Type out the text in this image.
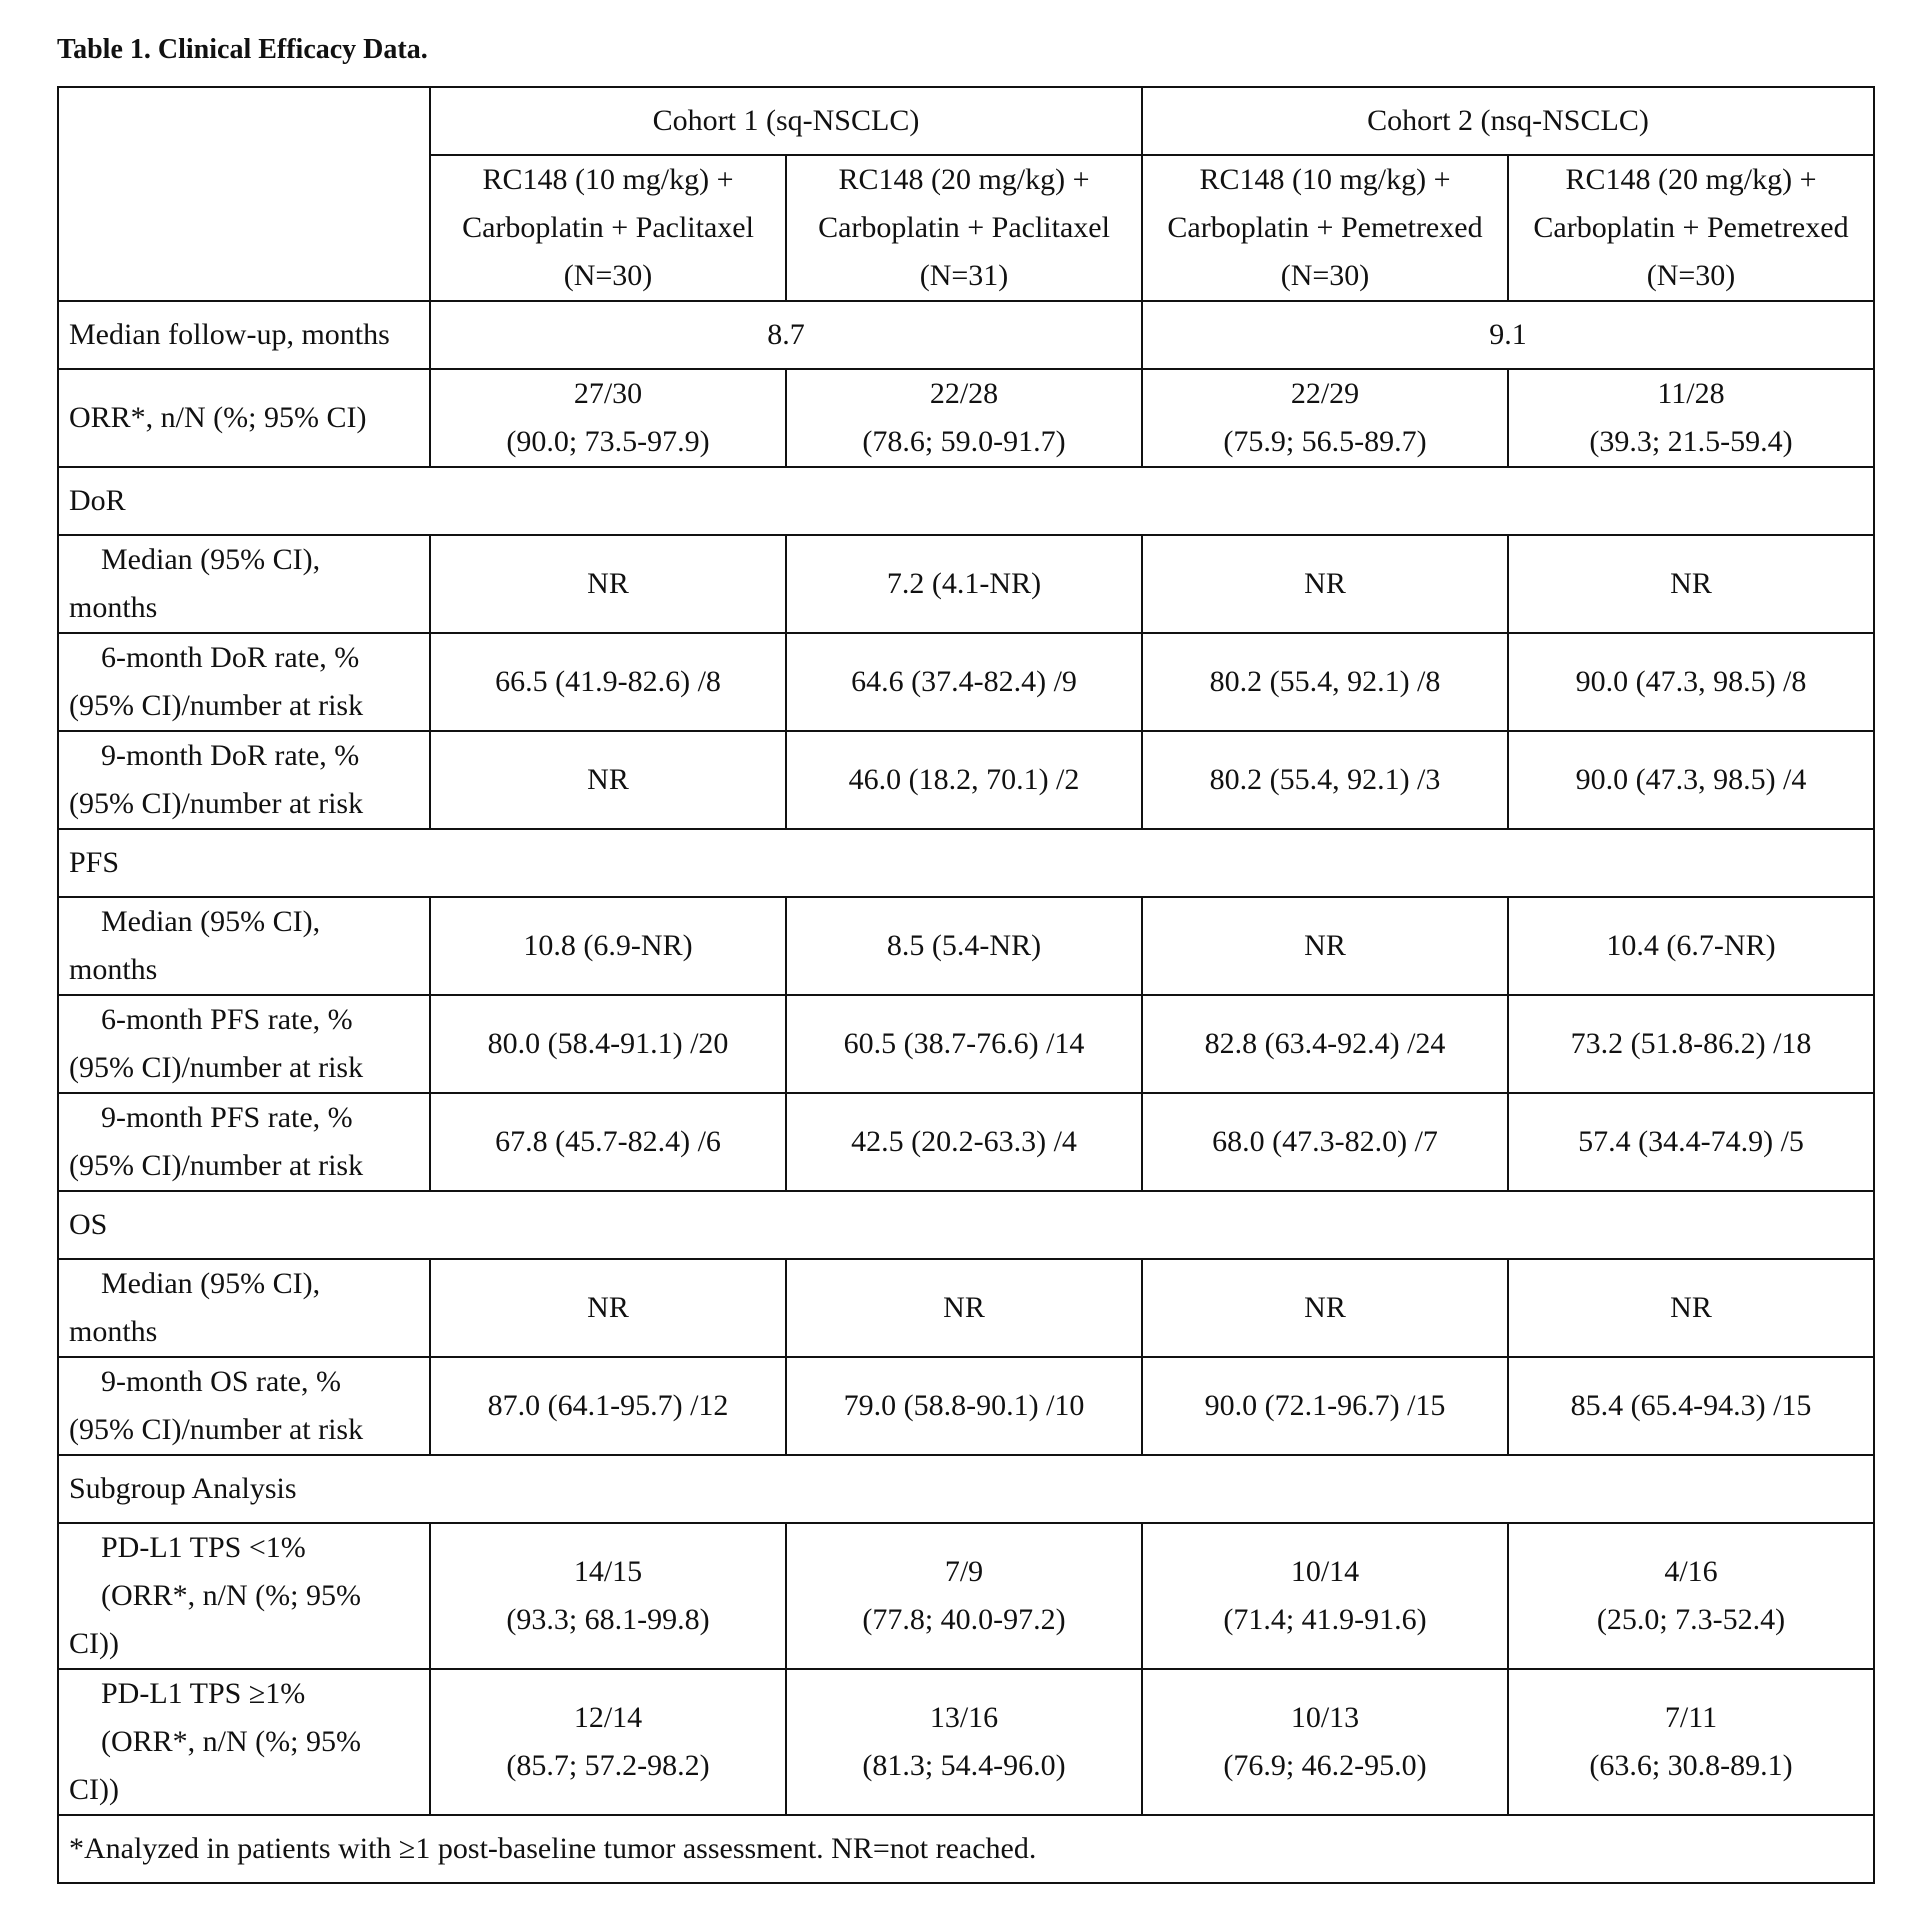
Table 1. Clinical Efficacy Data.
	Cohort 1 (sq-NSCLC)		Cohort 2 (nsq-NSCLC)	

	RC148 (10 mg/kg) +
Carboplatin + Paclitaxel
(N=30)	RC148 (20 mg/kg) +
Carboplatin + Paclitaxel
(N=31)	RC148 (10 mg/kg) +
Carboplatin + Pemetrexed
(N=30)	RC148 (20 mg/kg) +
Carboplatin + Pemetrexed
(N=30)

Median follow-up, months	8.7		9.1	
ORR*, n/N (%; 95% CI)	27/30
(90.0; 73.5-97.9)	22/28
(78.6; 59.0-91.7)	22/29
(75.9; 56.5-89.7)	11/28
(39.3; 21.5-59.4)

DoR				
Median (95% CI),
months	NR	7.2 (4.1-NR)	NR	NR
6-month DoR rate, %
(95% CI)/number at risk	66.5 (41.9-82.6) /8	64.6 (37.4-82.4) /9	80.2 (55.4, 92.1) /8	90.0 (47.3, 98.5) /8
9-month DoR rate, %
(95% CI)/number at risk	NR	46.0 (18.2, 70.1) /2	80.2 (55.4, 92.1) /3	90.0 (47.3, 98.5) /4
PFS				
Median (95% CI),
months	10.8 (6.9-NR)	8.5 (5.4-NR)	NR	10.4 (6.7-NR)
6-month PFS rate, %
(95% CI)/number at risk	80.0 (58.4-91.1) /20	60.5 (38.7-76.6) /14	82.8 (63.4-92.4) /24	73.2 (51.8-86.2) /18
9-month PFS rate, %
(95% CI)/number at risk	67.8 (45.7-82.4) /6	42.5 (20.2-63.3) /4	68.0 (47.3-82.0) /7	57.4 (34.4-74.9) /5
OS				
Median (95% CI),
months	NR	NR	NR	NR
9-month OS rate, %
(95% CI)/number at risk	87.0 (64.1-95.7) /12	79.0 (58.8-90.1) /10	90.0 (72.1-96.7) /15	85.4 (65.4-94.3) /15
Subgroup Analysis				
PD-L1 TPS <1%
(ORR*, n/N (%; 95%
CI))	14/15
(93.3; 68.1-99.8)	7/9
(77.8; 40.0-97.2)	10/14
(71.4; 41.9-91.6)	4/16
(25.0; 7.3-52.4)

PD-L1 TPS ≥1%
(ORR*, n/N (%; 95%
CI))	12/14
(85.7; 57.2-98.2)	13/16
(81.3; 54.4-96.0)	10/13
(76.9; 46.2-95.0)	7/11
(63.6; 30.8-89.1)

*Analyzed in patients with ≥1 post-baseline tumor assessment. NR=not reached.				
